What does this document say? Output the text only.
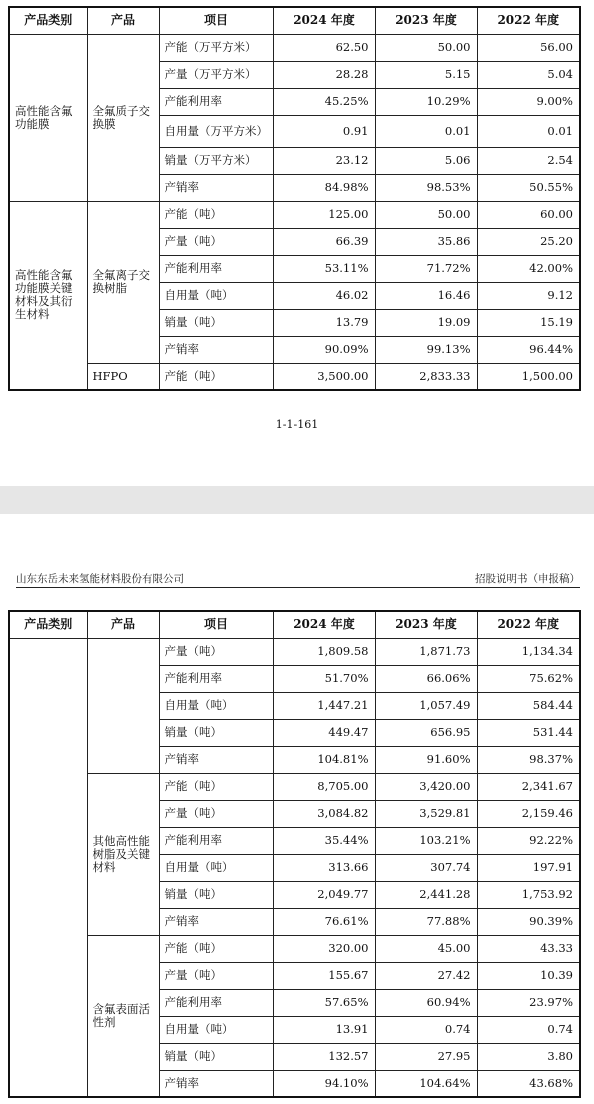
产品类别	产品	项目	2024 年度	2023 年度	2022 年度
高性能含氟功能膜	全氟质子交换膜	产能（万平方米）	62.50	50.00	56.00
		产量（万平方米）	28.28	5.15	5.04
		产能利用率	45.25%	10.29%	9.00%
		自用量（万平方米）	0.91	0.01	0.01
		销量（万平方米）	23.12	5.06	2.54
		产销率	84.98%	98.53%	50.55%
高性能含氟功能膜关键材料及其衍生材料	全氟离子交换树脂	产能（吨）	125.00	50.00	60.00
		产量（吨）	66.39	35.86	25.20
		产能利用率	53.11%	71.72%	42.00%
		自用量（吨）	46.02	16.46	9.12
		销量（吨）	13.79	19.09	15.19
		产销率	90.09%	99.13%	96.44%
	HFPO	产能（吨）	3,500.00	2,833.33	1,500.00
1-1-161
山东东岳未来氢能材料股份有限公司	招股说明书（申报稿）
产品类别	产品	项目	2024 年度	2023 年度	2022 年度
		产量（吨）	1,809.58	1,871.73	1,134.34
		产能利用率	51.70%	66.06%	75.62%
		自用量（吨）	1,447.21	1,057.49	584.44
		销量（吨）	449.47	656.95	531.44
		产销率	104.81%	91.60%	98.37%
	其他高性能树脂及关键材料	产能（吨）	8,705.00	3,420.00	2,341.67
		产量（吨）	3,084.82	3,529.81	2,159.46
		产能利用率	35.44%	103.21%	92.22%
		自用量（吨）	313.66	307.74	197.91
		销量（吨）	2,049.77	2,441.28	1,753.92
		产销率	76.61%	77.88%	90.39%
	含氟表面活性剂	产能（吨）	320.00	45.00	43.33
		产量（吨）	155.67	27.42	10.39
		产能利用率	57.65%	60.94%	23.97%
		自用量（吨）	13.91	0.74	0.74
		销量（吨）	132.57	27.95	3.80
		产销率	94.10%	104.64%	43.68%
